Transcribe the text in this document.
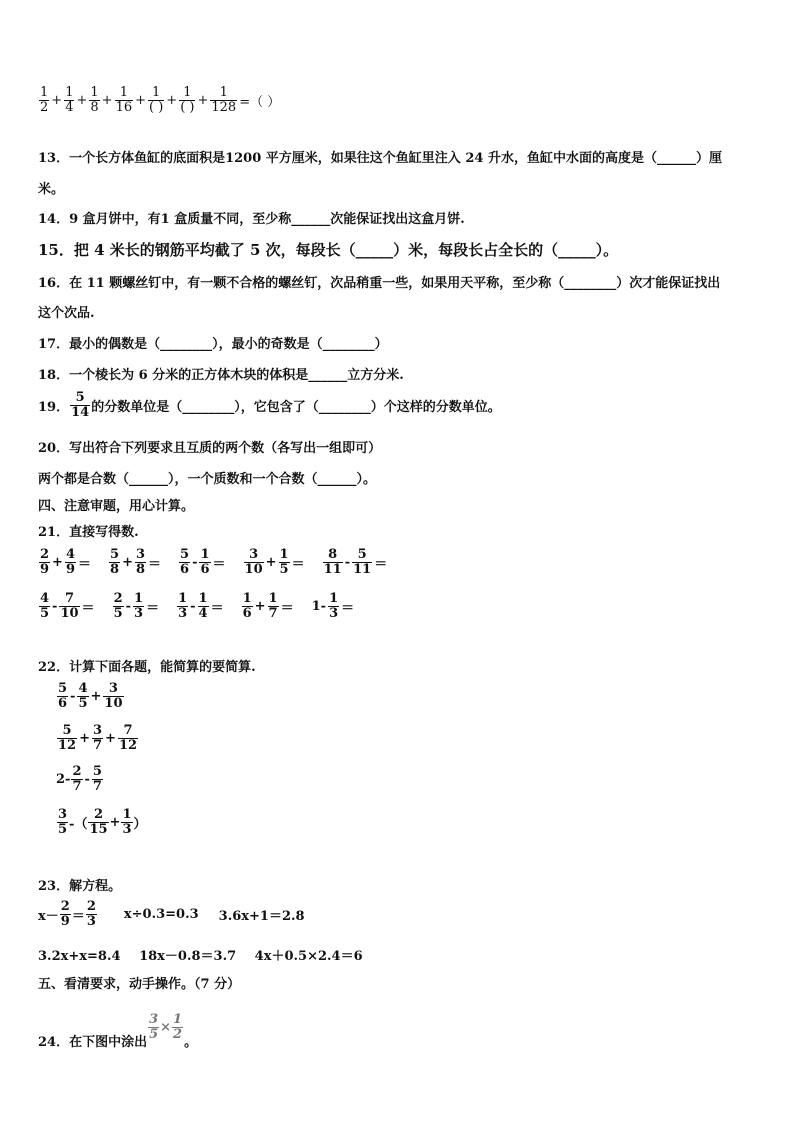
$\frac{1}{2} + \frac{1}{4} + \frac{1}{8} + \frac{1}{16} + \frac{1}{( )} + \frac{1}{( )} + \frac{1}{128}$ =（ ）
13．一个长方体鱼缸的底面积是1200 平方厘米，如果往这个鱼缸里注入 24 升水，鱼缸中水面的高度是（______）厘
米。
14．9 盒月饼中，有1 盒质量不同，至少称______次能保证找出这盒月饼.
15．把 4 米长的钢筋平均截了 5 次，每段长（_____）米，每段长占全长的（_____）。
16．在 11 颗螺丝钉中，有一颗不合格的螺丝钉，次品稍重一些，如果用天平称，至少称（________）次才能保证找出
这个次品.
17．最小的偶数是（________），最小的奇数是（________）
18．一个棱长为 6 分米的正方体木块的体积是______立方分米.
19． $\frac{5}{14}$ 的分数单位是（________），它包含了（________）个这样的分数单位。
20．写出符合下列要求且互质的两个数（各写出一组即可）
两个都是合数（______），一个质数和一个合数（______）。
四、注意审题，用心计算。
21．直接写得数.
$\frac{2}{9} + \frac{4}{9} = \frac{5}{8} + \frac{3}{8} = \frac{5}{6} - \frac{1}{6} = \frac{3}{10} + \frac{1}{5} = \frac{8}{11} - \frac{5}{11}$ ＝
$\frac{4}{5} - \frac{7}{10} = \frac{2}{5} - \frac{1}{3} = \frac{1}{3} - \frac{1}{4} = \frac{1}{6} + \frac{1}{7} = 1- \frac{1}{3}$ ＝
22．计算下面各题，能简算的要简算.
$\frac{5}{6} - \frac{4}{5} + \frac{3}{10}$
$\frac{5}{12} + \frac{3}{7} + \frac{7}{12}$
$2- \frac{2}{7} - \frac{5}{7}$
$\frac{3}{5}$ -（ $\frac{2}{15} + \frac{1}{3}$ ）
23．解方程。
$x- \frac{2}{9} = \frac{2}{3} x\div 0.3=0.3$ 3.6x+1＝2.8
3.2x+x=8.4 18x－0.8＝3.7 4x＋0.5×2.4＝6
五、看清要求，动手操作。（7 分）
24．在下图中涂出
$\frac{3}{5} \times \frac{1}{2}$
。
